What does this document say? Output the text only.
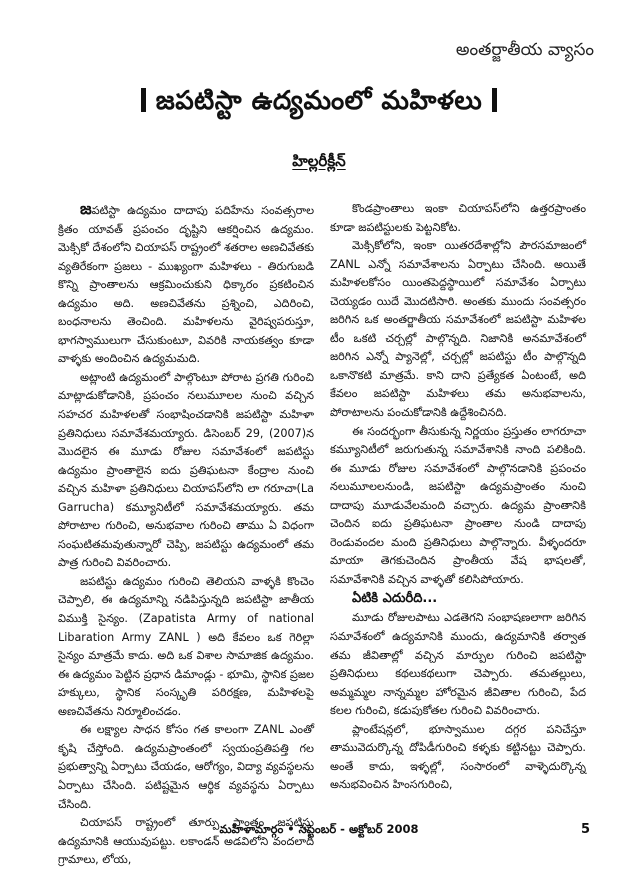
అంతర్జాతీయ వ్యాసం
జపటిస్టా ఉద్యమంలో మహిళలు
హిల్లరీక్లీన్

జపటిస్టా ఉద్యమం దాదాపు పదిహేను సంవత్సరాల క్రితం యావత్ ప్రపంచం దృష్టిని ఆకర్షించిన ఉద్యమం. మెక్సికో దేశంలోని చియాపస్ రాష్ట్రంలో శతరాల అణచివేతకు వ్యతిరేకంగా ప్రజలు - ముఖ్యంగా మహిళలు - తిరుగుబడి కొన్ని ప్రాంతాలను ఆక్రమించుకుని ధిక్కారం ప్రకటించిన ఉద్యమం అది. అణచివేతను ప్రశ్నించి, ఎదిరించి, బంధనాలను తెంచింది. మహిళలను వైరిష్వపరుస్తూ, భాగస్వాములుగా చేసుకుంటూ, వివరికి నాయకత్వం కూడా వాళ్ళకు అందించిన ఉద్యమమది.

అట్లాంటి ఉద్యమంలో పాల్గొంటూ పోరాట ప్రగతి గురించి మాట్లాడుకోడానికి, ప్రపంచం నలుమూలల నుంచి వచ్చిన సహచర మహిళలతో సంభాషించడానికి జపటిస్టా మహిళా ప్రతినిధులు సమావేశమయ్యారు. డిసెంబర్ 29, (2007)న మొదలైన ఈ మూడు రోజుల సమావేశంలో జపటిస్టు ఉద్యమం ప్రాంతాలైన ఐదు ప్రతిఘటనా కేంద్రాల నుంచి వచ్చిన మహిళా ప్రతినిధులు చియాపస్‌లోని లా గరూచా(La Garrucha) కమ్యూనిటీలో సమావేశమయ్యారు. తమ పోరాటాల గురించి, అనుభవాల గురించి తాము ఏ విధంగా సంఘటితమవుతున్నారో చెప్పి, జపటిస్టు ఉద్యమంలో తమ పాత్ర గురించి వివరించారు.

జపటిస్టు ఉద్యమం గురించి తెలియని వాళ్ళకి కొంచెం చెప్పాలి, ఈ ఉద్యమాన్ని నడిపిస్తున్నది జపటిస్టా జాతీయ విముక్తి సైన్యం. (Zapatista Army of national Libaration Army ZANL ) అది కేవలం ఒక గెరిల్లా సైన్యం మాత్రమే కాదు. అది ఒక విశాల సామాజిక ఉద్యమం. ఈ ఉద్యమం పెట్టిన ప్రధాన డిమాండ్లు - భూమి, స్థానిక ప్రజల హక్కులు, స్థానిక సంస్కృతి పరిరక్షణ, మహిళలపై అణచివేతను నిర్మూలించడం.

ఈ లక్ష్యాల సాధన కోసం గత కాలంగా ZANL ఎంతో కృషి చేస్తోంది. ఉద్యమప్రాంతంలో స్వయంప్రతిపత్తి గల ప్రభుత్వాన్ని ఏర్పాటు చేయడం, ఆరోగ్యం, విద్యా వ్యవస్థలను ఏర్పాటు చేసింది. పటిష్టమైన ఆర్థిక వ్యవస్థను ఏర్పాటు చేసింది.

చియాపస్ రాష్ట్రంలో తూర్పు ప్రాంతం జపటిస్టు ఉద్యమానికి ఆయువుపట్టు. లకాండన్ అడవిలోని వందలాది గ్రామాలు, లోయ,

కొండప్రాంతాలు ఇంకా చియాపస్‌లోని ఉత్తరప్రాంతం కూడా జపటిస్టులకు పెట్టనికోట.

మెక్సికోలోని, ఇంకా యితరదేశాల్లోని పౌరసమాజంలో ZANL ఎన్నో సమావేశాలను ఏర్పాటు చేసింది. అయితే మహిళలకోసం యింతపెద్దస్థాయిలో సమావేశం ఏర్పాటు చెయ్యడం యిదే మొదటిసారి. అంతకు ముందు సంవత్సరం జరిగిన ఒక అంతర్జాతీయ సమావేశంలో జపటిస్టా మహిళల టీం ఒకటి చర్చల్లో పాల్గొన్నది. నిజానికి అనమావేశంలో జరిగిన ఎన్నో ప్యానెల్లో, చర్చల్లో జపటిస్టు టీం పాల్గొన్నది ఒకానొకటి మాత్రమే. కాని దాని ప్రత్యేకత ఏంటంటే, అది కేవలం జపటిస్టా మహిళలు తమ అనుభవాలను, పోరాటాలను పంచుకోడానికి ఉద్దేశించినది.

ఈ సందర్భంగా తీసుకున్న నిర్ణయం ప్రస్తుతం లాగరూచా కమ్యూనిటీలో జరుగుతున్న సమావేశానికి నాంది పలికింది. ఈ మూడు రోజుల సమావేశంలో పాల్గొనడానికి ప్రపంచం నలుమూలలనుండి, జపటిస్టా ఉద్యమప్రాంతం నుంచి దాదాపు మూడువేలమంది వచ్చారు. ఉద్యమ ప్రాంతానికి చెందిన ఐదు ప్రతిఘటనా ప్రాంతాల నుండి దాదాపు రెండువందల మంది ప్రతినిధులు పాల్గొన్నారు. వీళ్ళందరూ మాయా తెగకుచెందిన ప్రాంతీయ వేష భాషలతో, సమావేశానికి వచ్చిన వాళ్ళతో కలిసిపోయారు.

ఏటికి ఎదురీది...

మూడు రోజులపాటు ఎడతెగని సంభాషణలాగా జరిగిన సమావేశంలో ఉద్యమానికి ముందు, ఉద్యమానికి తర్వాత తమ జీవితాల్లో వచ్చిన మార్పుల గురించి జపటిస్టా ప్రతినిధులు కథలుకథలుగా చెప్పారు. తమతల్లులు, అమ్మమ్మల నాన్నమ్మల హోరమైన జీవితాల గురించి, పేద కలల గురించి, కడుపుకోతల గురించి వివరించారు.

ప్లాంటేషన్లలో, భూస్వాముల దగ్గర పనిచేస్తూ తామువెదుర్కొన్న దోపిడీగురించి కళ్ళకు కట్టినట్టు చెప్పారు. అంతే కాదు, ఇళ్ళల్లో, సంసారంలో వాళ్ళెదుర్కొన్న అనుభవించిన హింసగురించి,

మహిళామార్గం • సెప్టెంబర్ - అక్టోబర్ 2008	5
